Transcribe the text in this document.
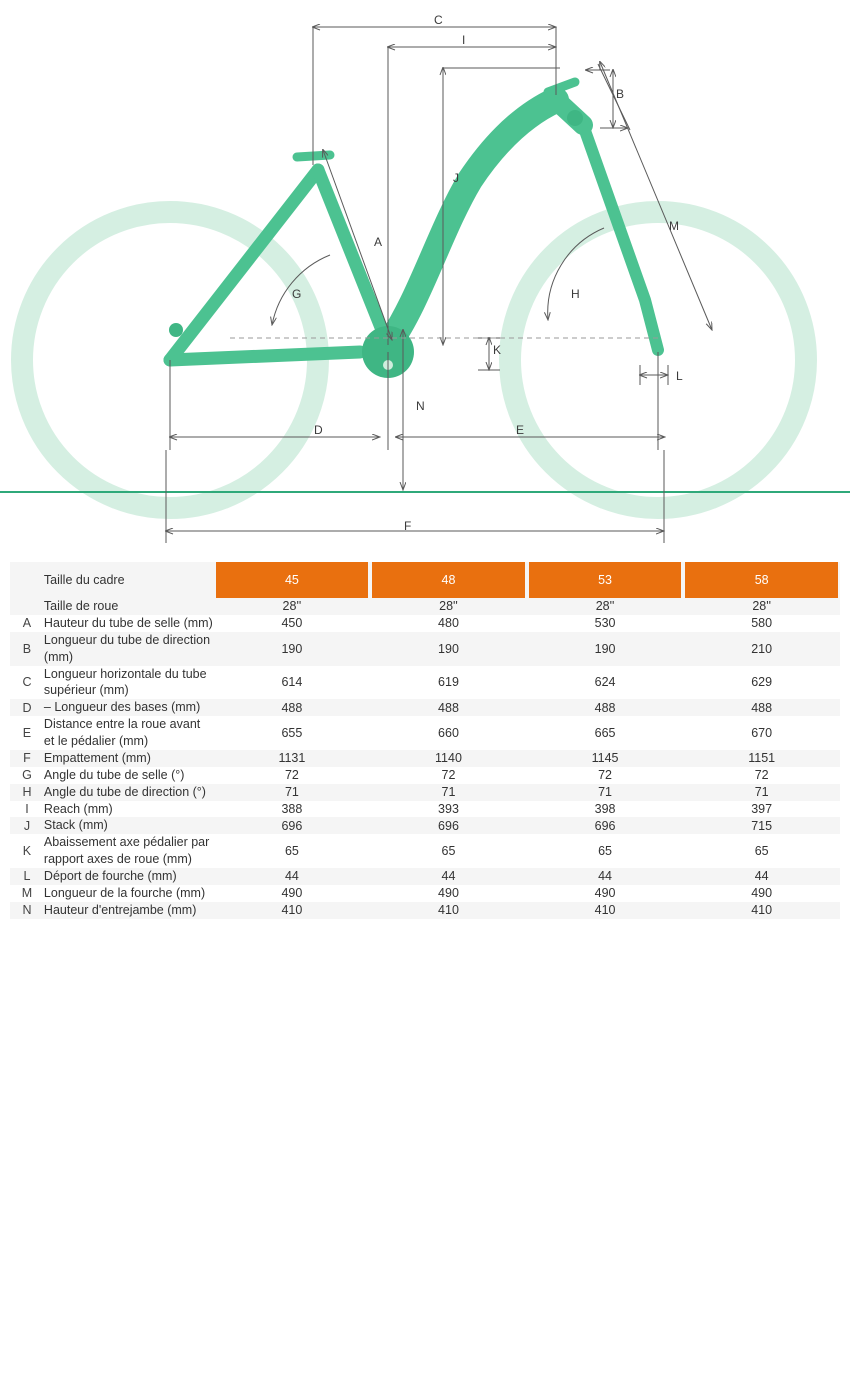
C
I
B
J
A
M
G	H
K
L
N
D	E
F
	Taille du cadre	45	48	53	58

	Taille de roue	28''	28''	28''	28''
A	Hauteur du tube de selle (mm)	450	480	530	580
B	Longueur du tube de direction (mm)	190	190	190	210
C	Longueur horizontale du tube supérieur (mm)	614	619	624	629
D	– Longueur des bases (mm)	488	488	488	488
E	Distance entre la roue avant et le pédalier (mm)	655	660	665	670
F	Empattement (mm)	1131	1140	1145	1151
G	Angle du tube de selle (°)	72	72	72	72
H	Angle du tube de direction (°)	71	71	71	71
I	Reach (mm)	388	393	398	397
J	Stack (mm)	696	696	696	715
K	Abaissement axe pédalier par rapport axes de roue (mm)	65	65	65	65
L	Déport de fourche (mm)	44	44	44	44
M	Longueur de la fourche (mm)	490	490	490	490
N	Hauteur d'entrejambe (mm)	410	410	410	410
